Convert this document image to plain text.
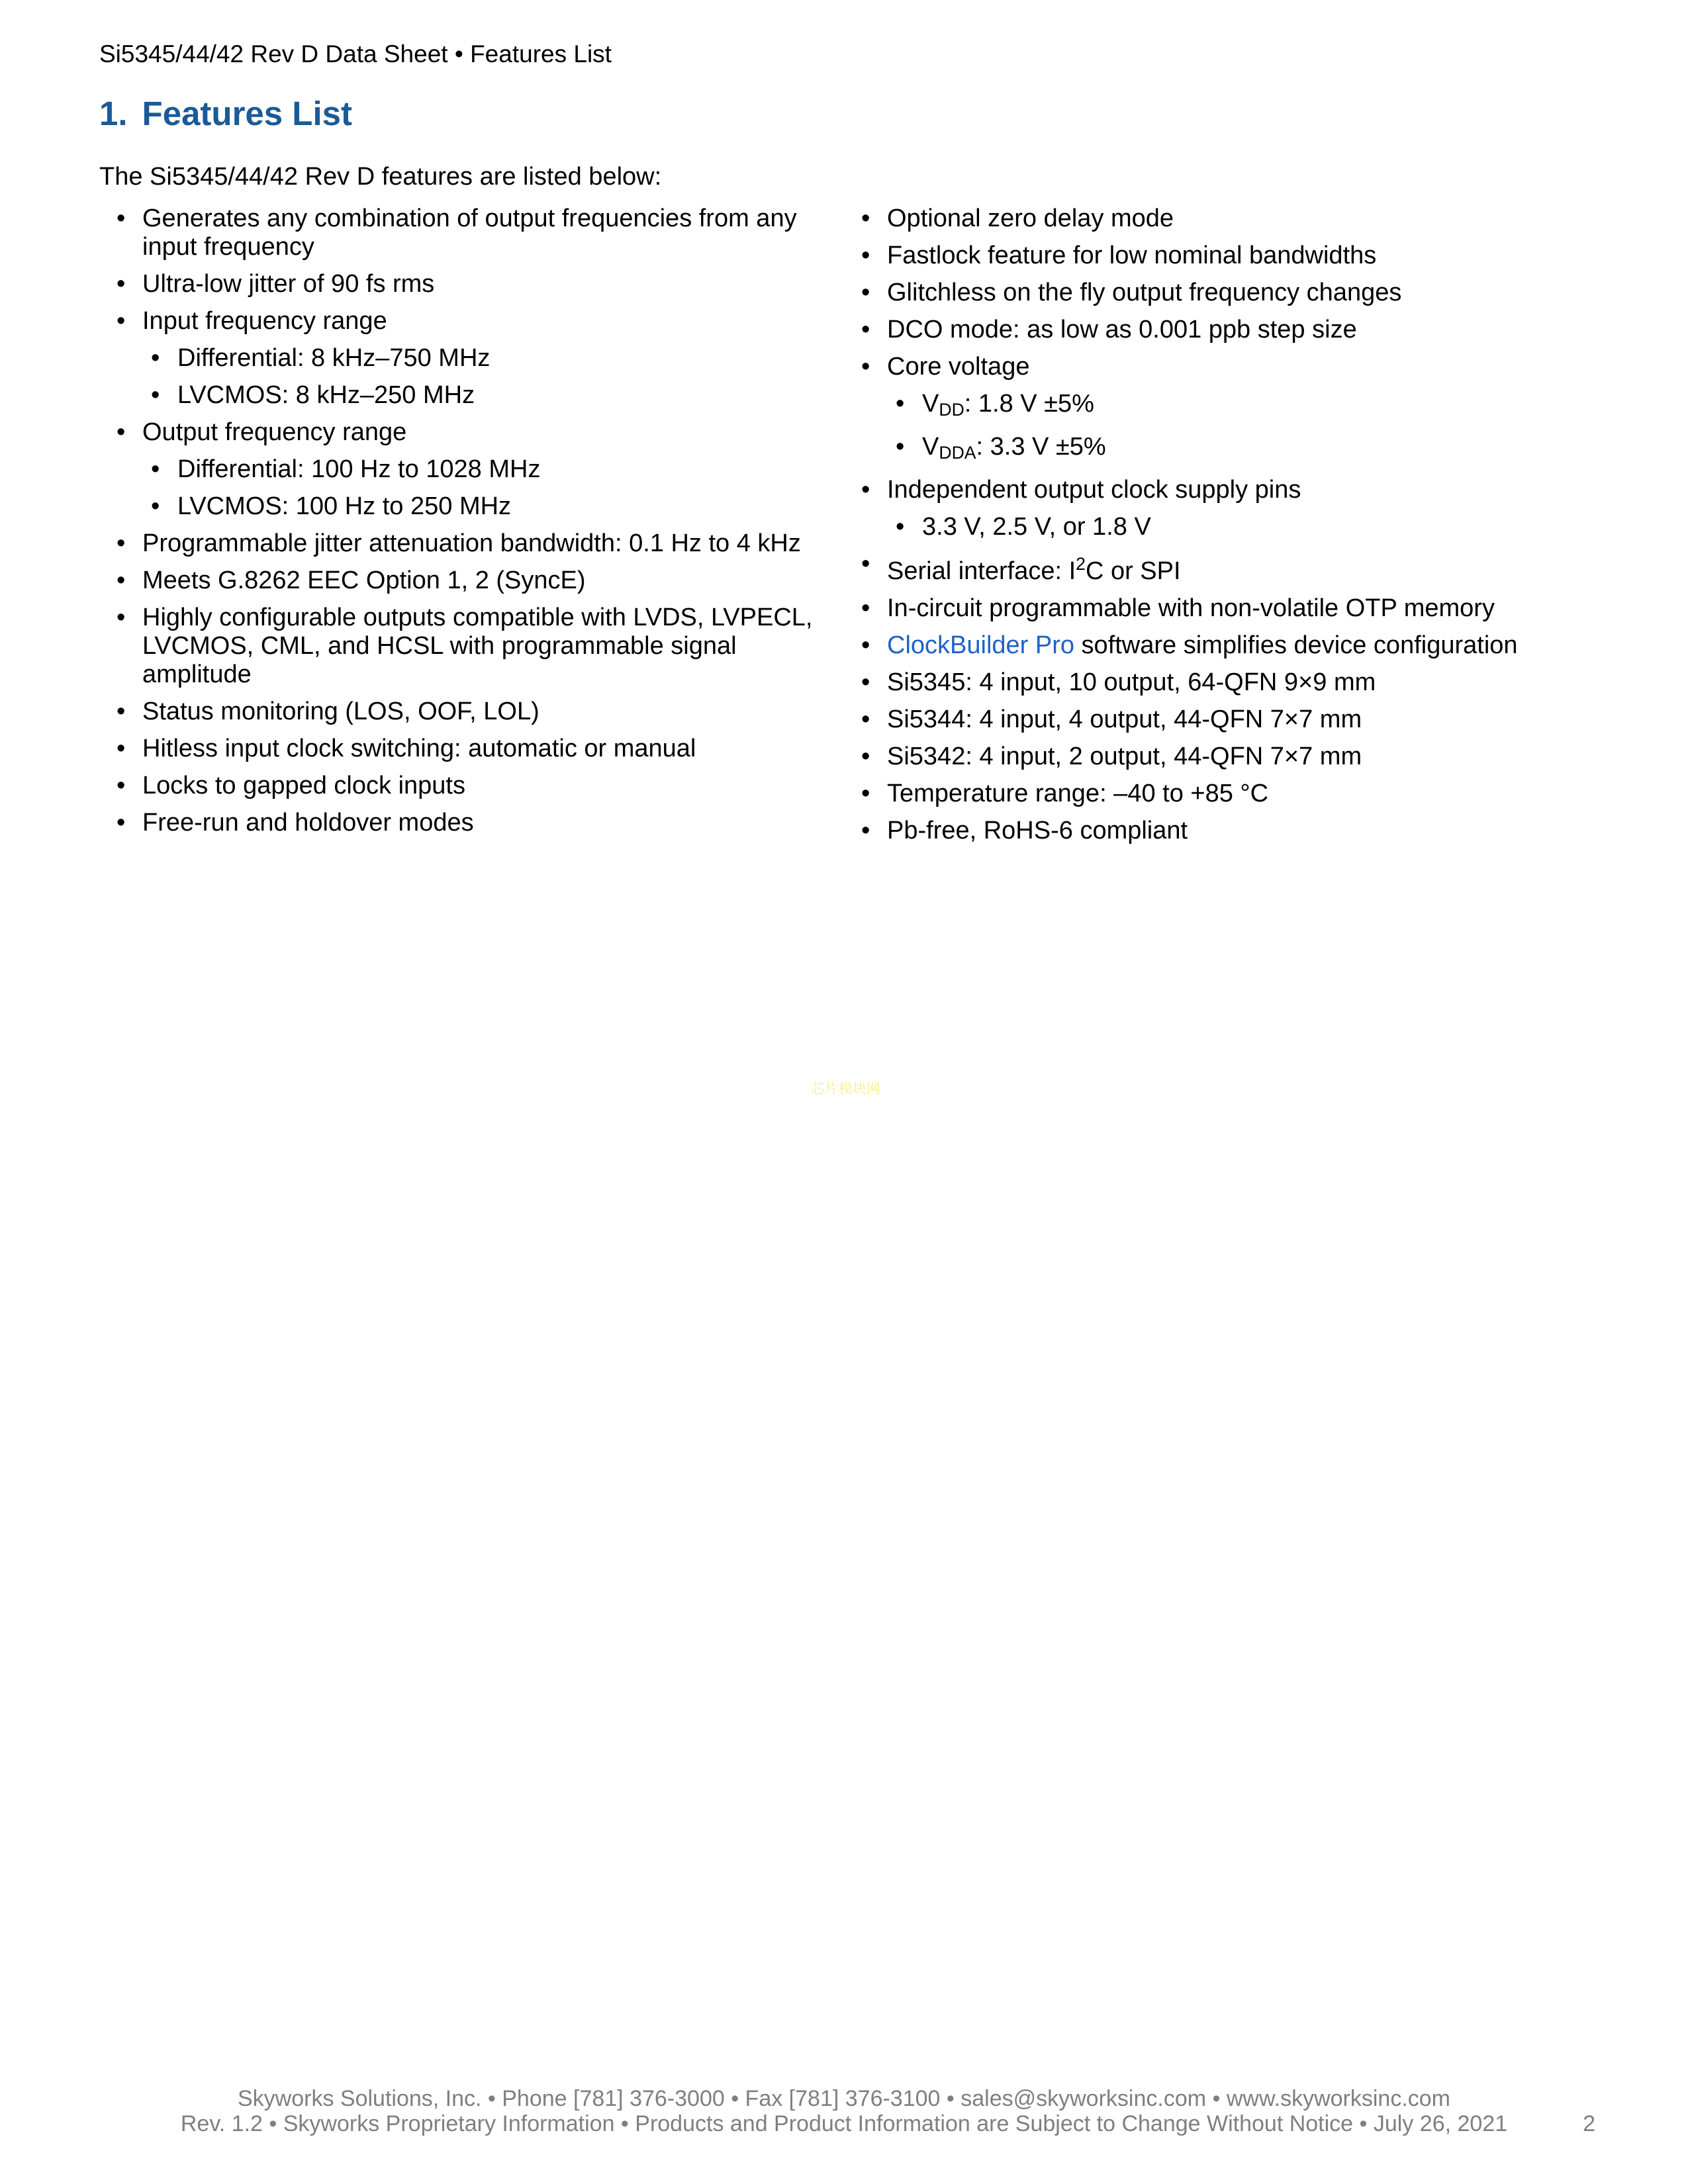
Si5345/44/42 Rev D Data Sheet • Features List
1. Features List

The Si5345/44/42 Rev D features are listed below:

• Generates any combination of output frequencies from any input frequency
• Ultra-low jitter of 90 fs rms
• Input frequency range
• Differential: 8 kHz–750 MHz
• LVCMOS: 8 kHz–250 MHz
• Output frequency range
• Differential: 100 Hz to 1028 MHz
• LVCMOS: 100 Hz to 250 MHz
• Programmable jitter attenuation bandwidth: 0.1 Hz to 4 kHz
• Meets G.8262 EEC Option 1, 2 (SyncE)
• Highly configurable outputs compatible with LVDS, LVPECL, LVCMOS, CML, and HCSL with programmable signal amplitude
• Status monitoring (LOS, OOF, LOL)
• Hitless input clock switching: automatic or manual
• Locks to gapped clock inputs
• Free-run and holdover modes
• Optional zero delay mode
• Fastlock feature for low nominal bandwidths
• Glitchless on the fly output frequency changes
• DCO mode: as low as 0.001 ppb step size
• Core voltage
• VDD: 1.8 V ±5%
• VDDA: 3.3 V ±5%
• Independent output clock supply pins
• 3.3 V, 2.5 V, or 1.8 V
• Serial interface: $I^2C$ or SPI
• In-circuit programmable with non-volatile OTP memory
• ClockBuilder Pro software simplifies device configuration
• Si5345: 4 input, 10 output, 64-QFN 9×9 mm
• Si5344: 4 input, 4 output, 44-QFN 7×7 mm
• Si5342: 4 input, 2 output, 44-QFN 7×7 mm
• Temperature range: –40 to +85 °C
• Pb-free, RoHS-6 compliant
芯片模块网
Skyworks Solutions, Inc. • Phone [781] 376-3000 • Fax [781] 376-3100 • sales@skyworksinc.com • www.skyworksinc.com
Rev. 1.2 • Skyworks Proprietary Information • Products and Product Information are Subject to Change Without Notice • July 26, 2021	2
